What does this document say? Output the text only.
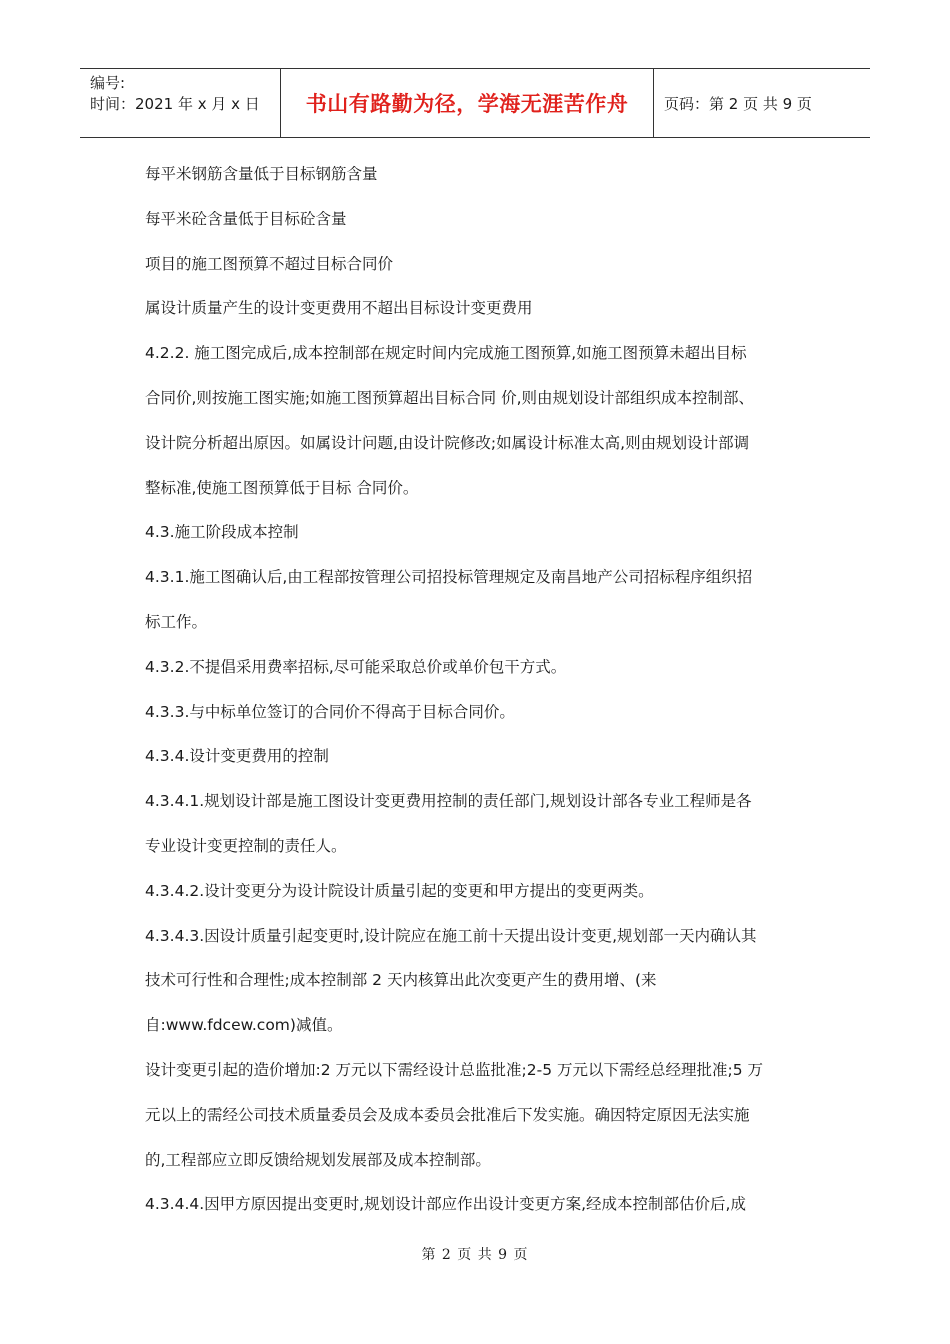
编号:
时间：2021 年 x 月 x 日	书山有路勤为径，学海无涯苦作舟 页码：第 2 页 共 9 页
每平米钢筋含量低于目标钢筋含量
每平米砼含量低于目标砼含量
项目的施工图预算不超过目标合同价
属设计质量产生的设计变更费用不超出目标设计变更费用
4.2.2. 施工图完成后,成本控制部在规定时间内完成施工图预算,如施工图预算未超出目标
合同价,则按施工图实施;如施工图预算超出目标合同 价,则由规划设计部组织成本控制部、
设计院分析超出原因。如属设计问题,由设计院修改;如属设计标准太高,则由规划设计部调
整标准,使施工图预算低于目标 合同价。
4.3.施工阶段成本控制
4.3.1.施工图确认后,由工程部按管理公司招投标管理规定及南昌地产公司招标程序组织招
标工作。
4.3.2.不提倡采用费率招标,尽可能采取总价或单价包干方式。
4.3.3.与中标单位签订的合同价不得高于目标合同价。
4.3.4.设计变更费用的控制
4.3.4.1.规划设计部是施工图设计变更费用控制的责任部门,规划设计部各专业工程师是各
专业设计变更控制的责任人。
4.3.4.2.设计变更分为设计院设计质量引起的变更和甲方提出的变更两类。
4.3.4.3.因设计质量引起变更时,设计院应在施工前十天提出设计变更,规划部一天内确认其
技术可行性和合理性;成本控制部 2 天内核算出此次变更产生的费用增、(来
自:www.fdcew.com)减值。
设计变更引起的造价增加:2 万元以下需经设计总监批准;2-5 万元以下需经总经理批准;5 万
元以上的需经公司技术质量委员会及成本委员会批准后下发实施。确因特定原因无法实施
的,工程部应立即反馈给规划发展部及成本控制部。
4.3.4.4.因甲方原因提出变更时,规划设计部应作出设计变更方案,经成本控制部估价后,成
第 2 页 共 9 页
